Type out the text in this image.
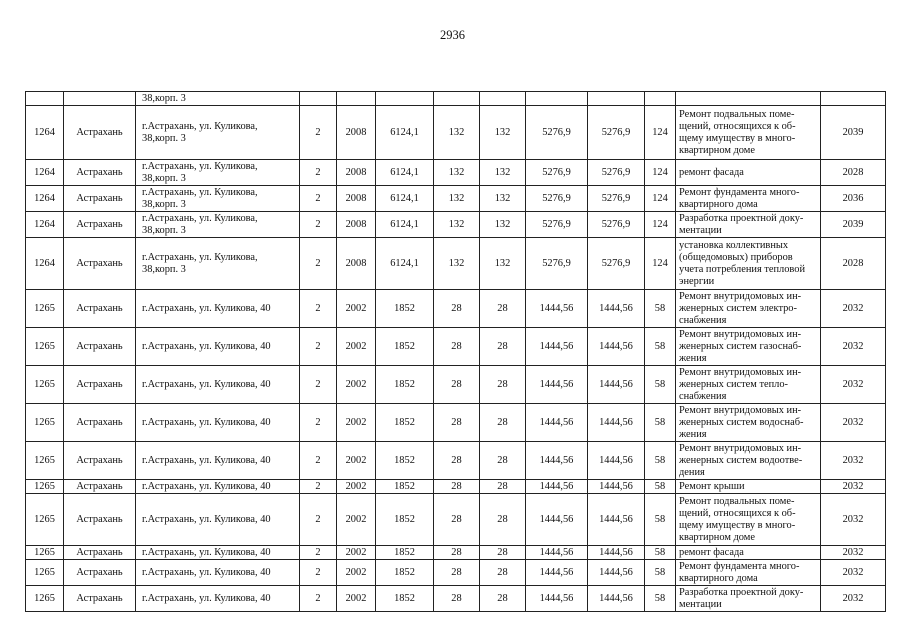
2936

		38,корп. 3										

1264	Астрахань	г.Астрахань, ул. Куликова,
38,корп. 3	2	2008	6124,1	132	132	5276,9	5276,9	124	Ремонт подвальных поме-
щений, относящихся к об-
щему имуществу в много-
квартирном доме	2039
1264	Астрахань	г.Астрахань, ул. Куликова,
38,корп. 3	2	2008	6124,1	132	132	5276,9	5276,9	124	ремонт фасада	2028
1264	Астрахань	г.Астрахань, ул. Куликова,
38,корп. 3	2	2008	6124,1	132	132	5276,9	5276,9	124	Ремонт фундамента много-
квартирного дома	2036
1264	Астрахань	г.Астрахань, ул. Куликова,
38,корп. 3	2	2008	6124,1	132	132	5276,9	5276,9	124	Разработка проектной доку-
ментации	2039
1264	Астрахань	г.Астрахань, ул. Куликова,
38,корп. 3	2	2008	6124,1	132	132	5276,9	5276,9	124	установка коллективных
(общедомовых) приборов
учета потребления тепловой
энергии	2028
1265	Астрахань	г.Астрахань, ул. Куликова, 40	2	2002	1852	28	28	1444,56	1444,56	58	Ремонт внутридомовых ин-
женерных систем электро-
снабжения	2032
1265	Астрахань	г.Астрахань, ул. Куликова, 40	2	2002	1852	28	28	1444,56	1444,56	58	Ремонт внутридомовых ин-
женерных систем газоснаб-
жения	2032
1265	Астрахань	г.Астрахань, ул. Куликова, 40	2	2002	1852	28	28	1444,56	1444,56	58	Ремонт внутридомовых ин-
женерных систем тепло-
снабжения	2032
1265	Астрахань	г.Астрахань, ул. Куликова, 40	2	2002	1852	28	28	1444,56	1444,56	58	Ремонт внутридомовых ин-
женерных систем водоснаб-
жения	2032
1265	Астрахань	г.Астрахань, ул. Куликова, 40	2	2002	1852	28	28	1444,56	1444,56	58	Ремонт внутридомовых ин-
женерных систем водоотве-
дения	2032
1265	Астрахань	г.Астрахань, ул. Куликова, 40	2	2002	1852	28	28	1444,56	1444,56	58	Ремонт крыши	2032
1265	Астрахань	г.Астрахань, ул. Куликова, 40	2	2002	1852	28	28	1444,56	1444,56	58	Ремонт подвальных поме-
щений, относящихся к об-
щему имуществу в много-
квартирном доме	2032
1265	Астрахань	г.Астрахань, ул. Куликова, 40	2	2002	1852	28	28	1444,56	1444,56	58	ремонт фасада	2032
1265	Астрахань	г.Астрахань, ул. Куликова, 40	2	2002	1852	28	28	1444,56	1444,56	58	Ремонт фундамента много-
квартирного дома	2032
1265	Астрахань	г.Астрахань, ул. Куликова, 40	2	2002	1852	28	28	1444,56	1444,56	58	Разработка проектной доку-
ментации	2032
